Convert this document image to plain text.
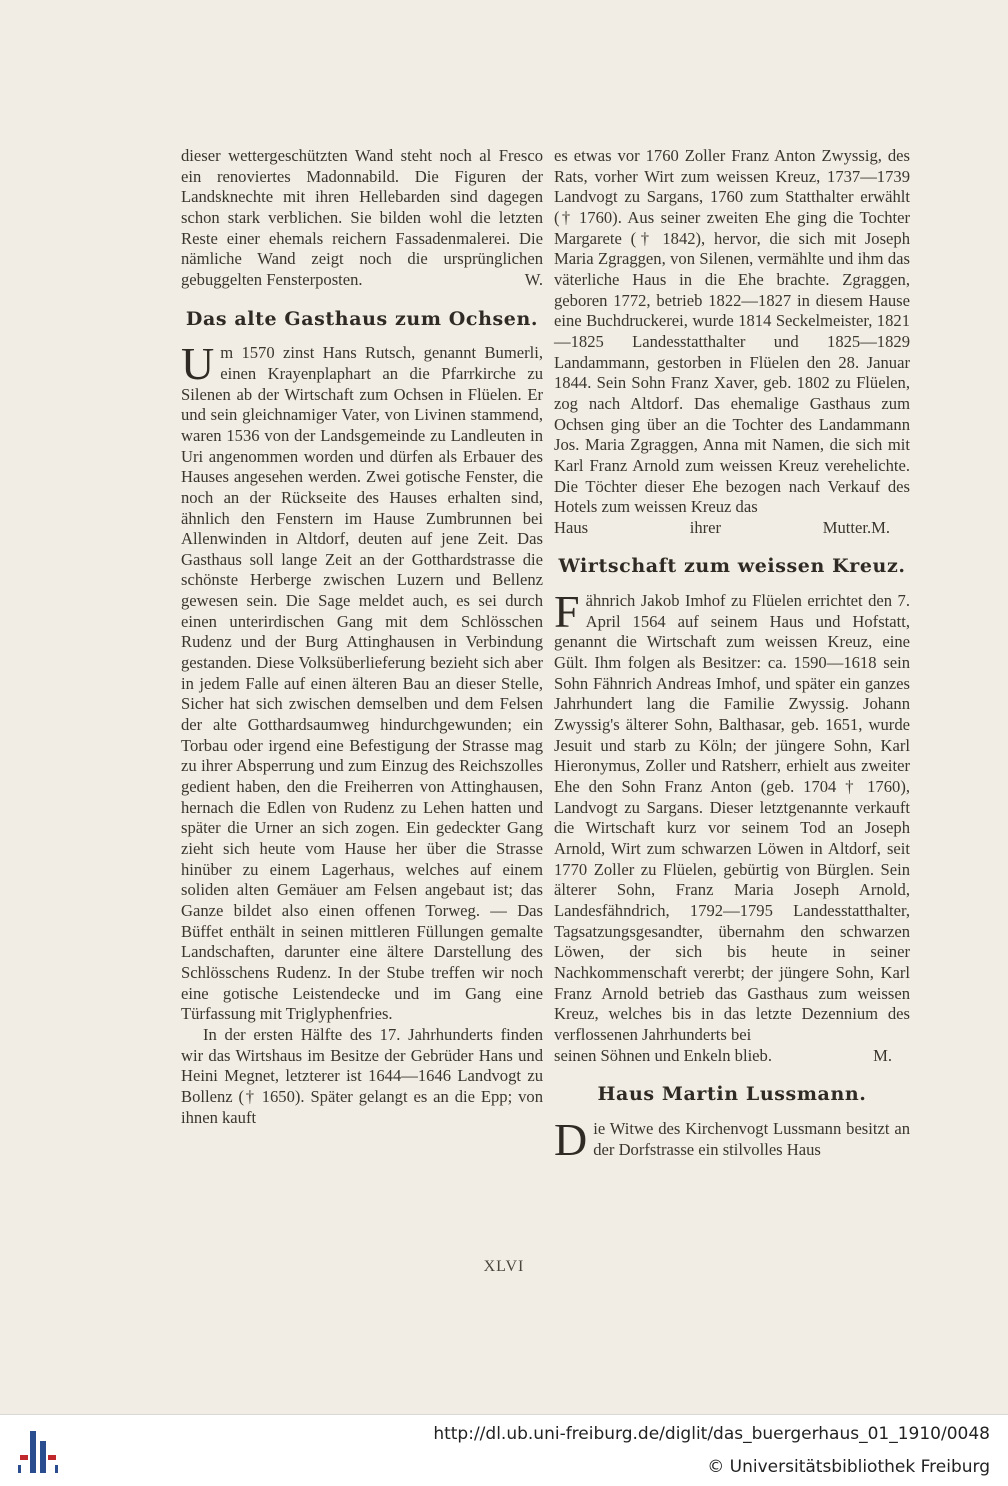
dieser wettergeschützten Wand steht noch al Fresco ein renoviertes Madonnabild. Die Figuren der Landsknechte mit ihren Hellebarden sind dagegen schon stark verblichen. Sie bilden wohl die letzten Reste einer ehemals reichern Fassadenmalerei. Die nämliche Wand zeigt noch die ursprünglichen gebuggelten Fensterposten.	W.

Das alte Gasthaus zum Ochsen.

Um 1570 zinst Hans Rutsch, genannt Bumerli, einen Krayenplaphart an die Pfarrkirche zu Silenen ab der Wirtschaft zum Ochsen in Flüelen. Er und sein gleichnamiger Vater, von Livinen stammend, waren 1536 von der Landsgemeinde zu Landleuten in Uri angenommen worden und dürfen als Erbauer des Hauses angesehen werden. Zwei gotische Fenster, die noch an der Rückseite des Hauses erhalten sind, ähnlich den Fenstern im Hause Zumbrunnen bei Allenwinden in Altdorf, deuten auf jene Zeit. Das Gasthaus soll lange Zeit an der Gotthardstrasse die schönste Herberge zwischen Luzern und Bellenz gewesen sein. Die Sage meldet auch, es sei durch einen unterirdischen Gang mit dem Schlösschen Rudenz und der Burg Attinghausen in Verbindung gestanden. Diese Volksüberlieferung bezieht sich aber in jedem Falle auf einen älteren Bau an dieser Stelle, Sicher hat sich zwischen demselben und dem Felsen der alte Gotthardsaumweg hindurchgewunden; ein Torbau oder irgend eine Befestigung der Strasse mag zu ihrer Absperrung und zum Einzug des Reichszolles gedient haben, den die Freiherren von Attinghausen, hernach die Edlen von Rudenz zu Lehen hatten und später die Urner an sich zogen. Ein gedeckter Gang zieht sich heute vom Hause her über die Strasse hinüber zu einem Lagerhaus, welches auf einem soliden alten Gemäuer am Felsen angebaut ist; das Ganze bildet also einen offenen Torweg. — Das Büffet enthält in seinen mittleren Füllungen gemalte Landschaften, darunter eine ältere Darstellung des Schlösschens Rudenz. In der Stube treffen wir noch eine gotische Leistendecke und im Gang eine Türfassung mit Triglyphenfries.

In der ersten Hälfte des 17. Jahrhunderts finden wir das Wirtshaus im Besitze der Gebrüder Hans und Heini Megnet, letzterer ist 1644—1646 Landvogt zu Bollenz († 1650). Später gelangt es an die Epp; von ihnen kauft

es etwas vor 1760 Zoller Franz Anton Zwyssig, des Rats, vorher Wirt zum weissen Kreuz, 1737—1739 Landvogt zu Sargans, 1760 zum Statthalter erwählt († 1760). Aus seiner zweiten Ehe ging die Tochter Margarete († 1842), hervor, die sich mit Joseph Maria Zgraggen, von Silenen, vermählte und ihm das väterliche Haus in die Ehe brachte. Zgraggen, geboren 1772, betrieb 1822—1827 in diesem Hause eine Buchdruckerei, wurde 1814 Seckelmeister, 1821—1825 Landesstatthalter und 1825—1829 Landammann, gestorben in Flüelen den 28. Januar 1844. Sein Sohn Franz Xaver, geb. 1802 zu Flüelen, zog nach Altdorf. Das ehemalige Gasthaus zum Ochsen ging über an die Tochter des Landammann Jos. Maria Zgraggen, Anna mit Namen, die sich mit Karl Franz Arnold zum weissen Kreuz verehelichte. Die Töchter dieser Ehe bezogen nach Verkauf des Hotels zum weissen Kreuz das

Haus ihrer Mutter. M.

Wirtschaft zum weissen Kreuz.

Fähnrich Jakob Imhof zu Flüelen errichtet den 7. April 1564 auf seinem Haus und Hofstatt, genannt die Wirtschaft zum weissen Kreuz, eine Gült. Ihm folgen als Besitzer: ca. 1590—1618 sein Sohn Fähnrich Andreas Imhof, und später ein ganzes Jahrhundert lang die Familie Zwyssig. Johann Zwyssig's älterer Sohn, Balthasar, geb. 1651, wurde Jesuit und starb zu Köln; der jüngere Sohn, Karl Hieronymus, Zoller und Ratsherr, erhielt aus zweiter Ehe den Sohn Franz Anton (geb. 1704 † 1760), Landvogt zu Sargans. Dieser letztgenannte verkauft die Wirtschaft kurz vor seinem Tod an Joseph Arnold, Wirt zum schwarzen Löwen in Altdorf, seit 1770 Zoller zu Flüelen, gebürtig von Bürglen. Sein älterer Sohn, Franz Maria Joseph Arnold, Landesfähndrich, 1792—1795 Landesstatthalter, Tagsatzungsgesandter, übernahm den schwarzen Löwen, der sich bis heute in seiner Nachkommenschaft vererbt; der jüngere Sohn, Karl Franz Arnold betrieb das Gasthaus zum weissen Kreuz, welches bis in das letzte Dezennium des verflossenen Jahrhunderts bei

seinen Söhnen und Enkeln blieb.	M.

Haus Martin Lussmann.

Die Witwe des Kirchenvogt Lussmann besitzt an der Dorfstrasse ein stilvolles Haus

XLVI
http://dl.ub.uni-freiburg.de/diglit/das_buergerhaus_01_1910/0048
© Universitätsbibliothek Freiburg
